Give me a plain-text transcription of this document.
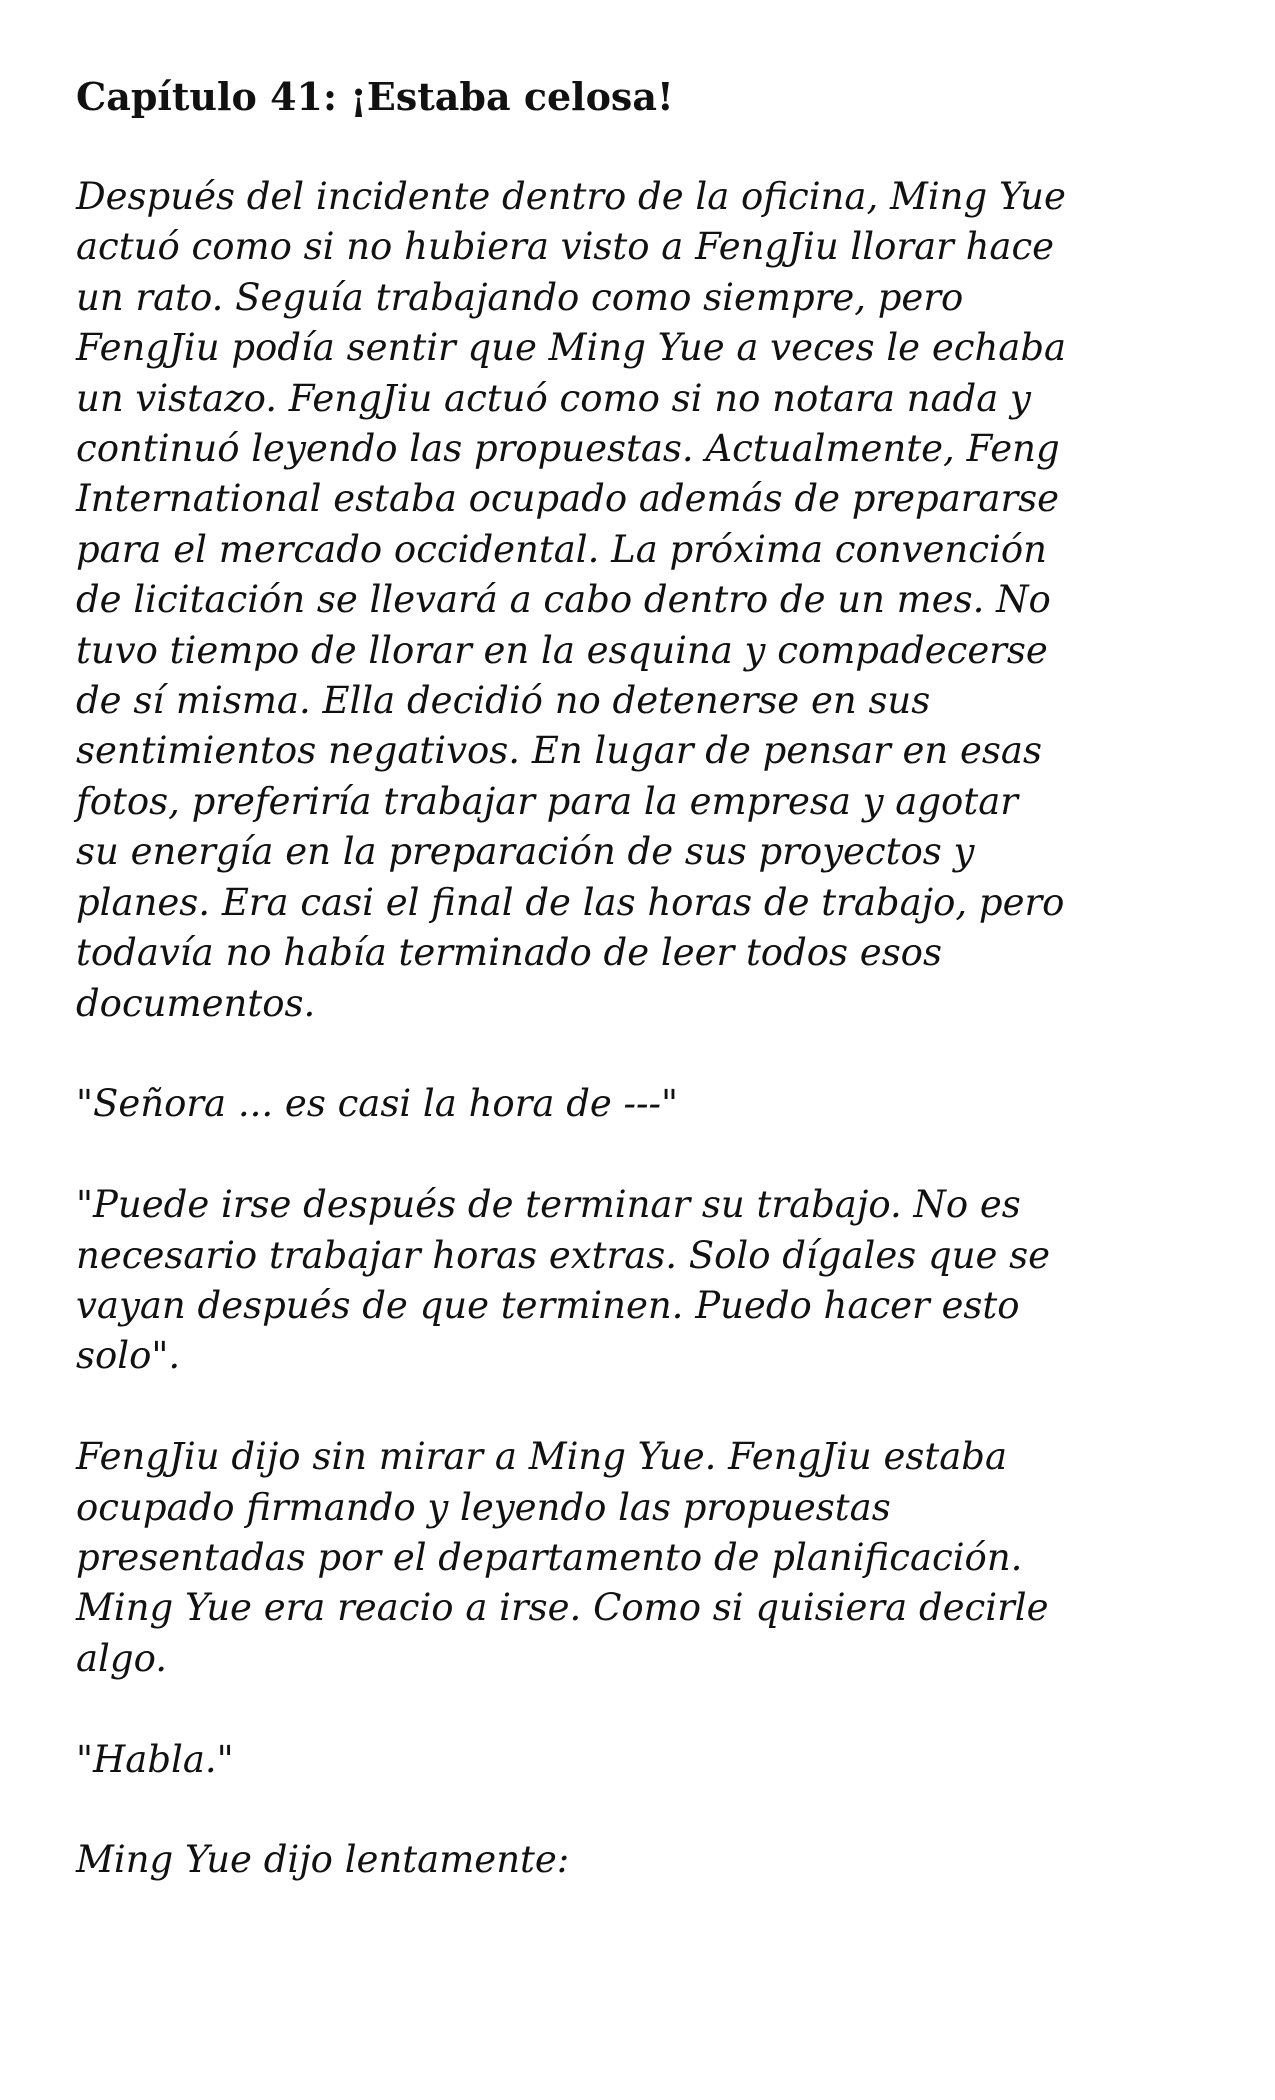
Capítulo 41: ¡Estaba celosa!

Después del incidente dentro de la oficina, Ming Yue
actuó como si no hubiera visto a FengJiu llorar hace
un rato. Seguía trabajando como siempre, pero
FengJiu podía sentir que Ming Yue a veces le echaba
un vistazo. FengJiu actuó como si no notara nada y
continuó leyendo las propuestas. Actualmente, Feng
International estaba ocupado además de prepararse
para el mercado occidental. La próxima convención
de licitación se llevará a cabo dentro de un mes. No
tuvo tiempo de llorar en la esquina y compadecerse
de sí misma. Ella decidió no detenerse en sus
sentimientos negativos. En lugar de pensar en esas
fotos, preferiría trabajar para la empresa y agotar
su energía en la preparación de sus proyectos y
planes. Era casi el final de las horas de trabajo, pero
todavía no había terminado de leer todos esos
documentos.

"Señora ... es casi la hora de ---"

"Puede irse después de terminar su trabajo. No es
necesario trabajar horas extras. Solo dígales que se
vayan después de que terminen. Puedo hacer esto
solo".

FengJiu dijo sin mirar a Ming Yue. FengJiu estaba
ocupado firmando y leyendo las propuestas
presentadas por el departamento de planificación.
Ming Yue era reacio a irse. Como si quisiera decirle
algo.

"Habla."

Ming Yue dijo lentamente:
